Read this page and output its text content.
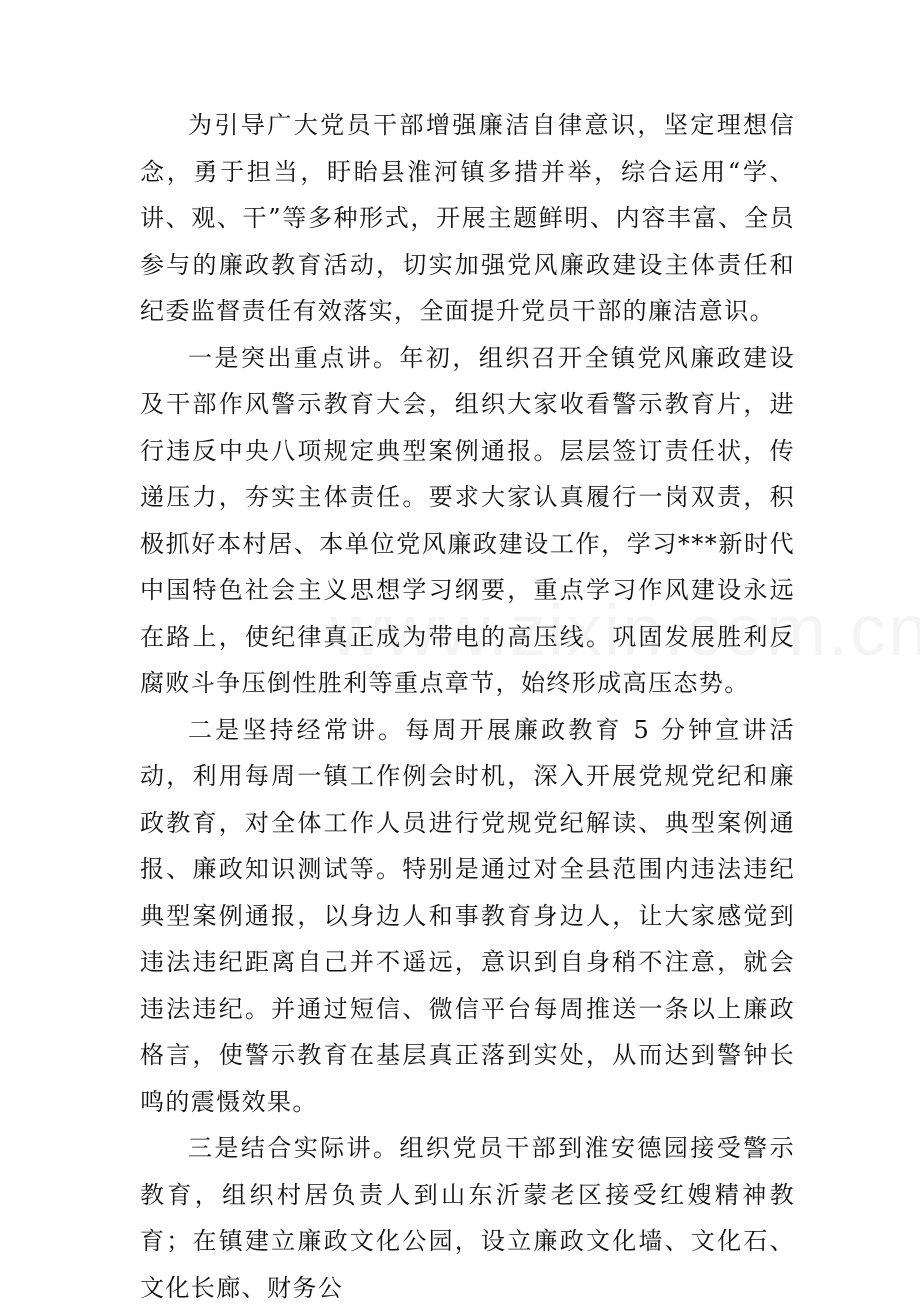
为引导广大党员干部增强廉洁自律意识，坚定理想信念，勇于担当，盱眙县淮河镇多措并举，综合运用“学、讲、观、干”等多种形式，开展主题鲜明、内容丰富、全员参与的廉政教育活动，切实加强党风廉政建设主体责任和纪委监督责任有效落实，全面提升党员干部的廉洁意识。

一是突出重点讲。年初，组织召开全镇党风廉政建设及干部作风警示教育大会，组织大家收看警示教育片，进行违反中央八项规定典型案例通报。层层签订责任状，传递压力，夯实主体责任。要求大家认真履行一岗双责，积极抓好本村居、本单位党风廉政建设工作，学习***新时代中国特色社会主义思想学习纲要，重点学习作风建设永远在路上，使纪律真正成为带电的高压线。巩固发展胜利反腐败斗争压倒性胜利等重点章节，始终形成高压态势。

二是坚持经常讲。每周开展廉政教育 5 分钟宣讲活动，利用每周一镇工作例会时机，深入开展党规党纪和廉政教育，对全体工作人员进行党规党纪解读、典型案例通报、廉政知识测试等。特别是通过对全县范围内违法违纪典型案例通报，以身边人和事教育身边人，让大家感觉到违法违纪距离自己并不遥远，意识到自身稍不注意，就会违法违纪。并通过短信、微信平台每周推送一条以上廉政格言，使警示教育在基层真正落到实处，从而达到警钟长鸣的震慑效果。

三是结合实际讲。组织党员干部到淮安德园接受警示教育，组织村居负责人到山东沂蒙老区接受红嫂精神教育；在镇建立廉政文化公园，设立廉政文化墙、文化石、文化长廊、财务公
